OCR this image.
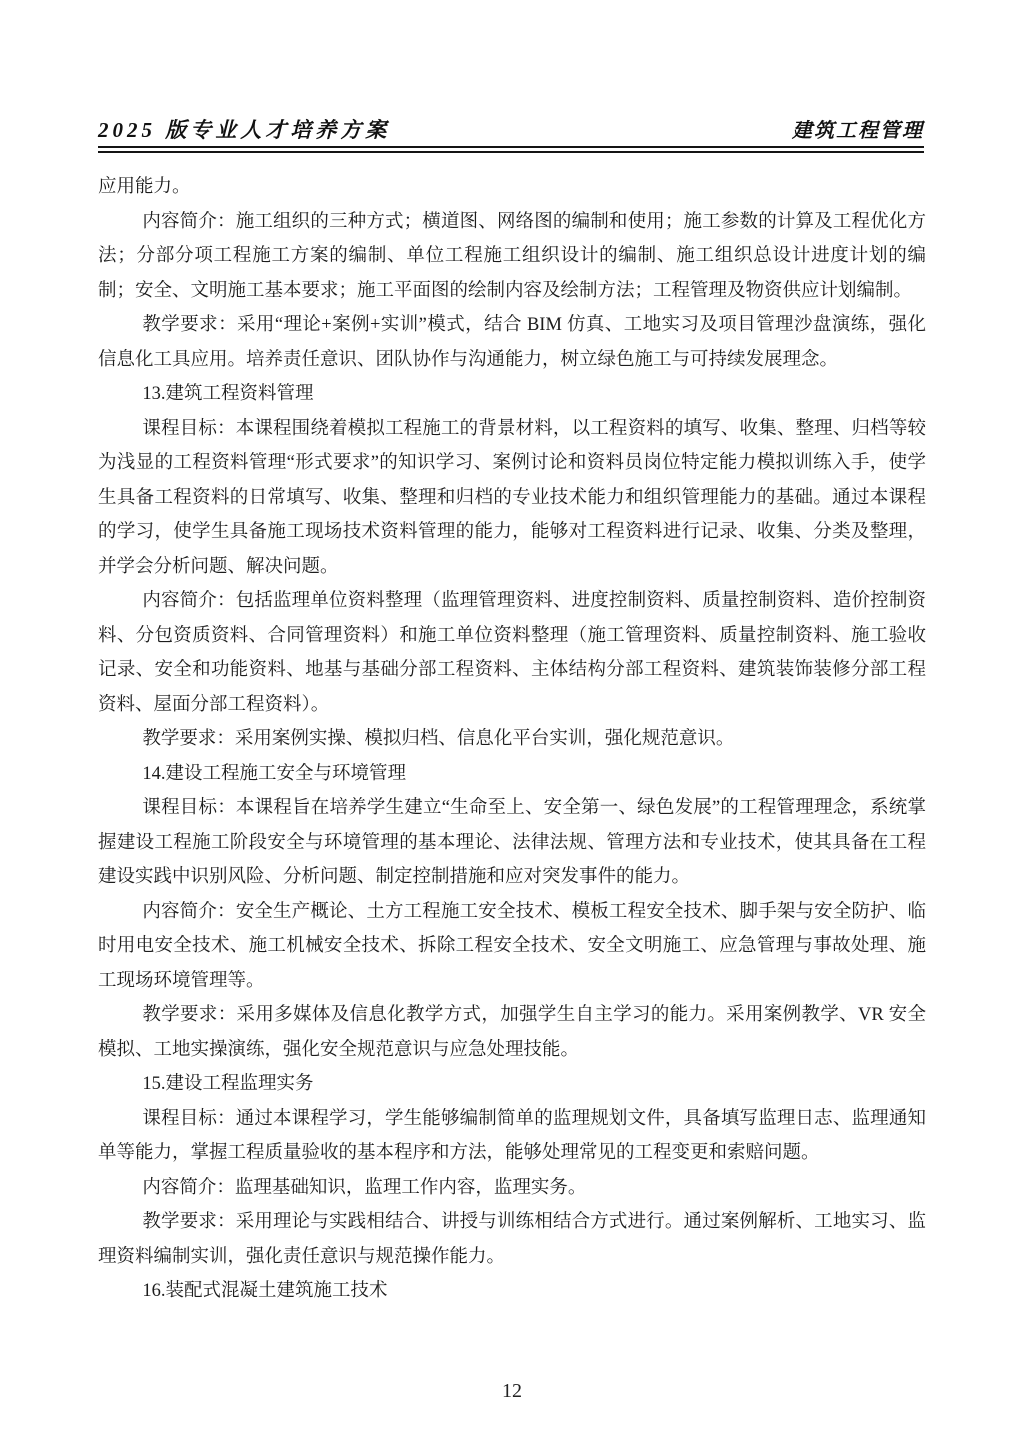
2025 版专业人才培养方案	建筑工程管理

应用能力。

内容简介：施工组织的三种方式；横道图、网络图的编制和使用；施工参数的计算及工程优化方法；分部分项工程施工方案的编制、单位工程施工组织设计的编制、施工组织总设计进度计划的编制；安全、文明施工基本要求；施工平面图的绘制内容及绘制方法；工程管理及物资供应计划编制。

教学要求：采用“理论+案例+实训”模式，结合 BIM 仿真、工地实习及项目管理沙盘演练，强化信息化工具应用。培养责任意识、团队协作与沟通能力，树立绿色施工与可持续发展理念。

13.建筑工程资料管理

课程目标：本课程围绕着模拟工程施工的背景材料，以工程资料的填写、收集、整理、归档等较为浅显的工程资料管理“形式要求”的知识学习、案例讨论和资料员岗位特定能力模拟训练入手，使学生具备工程资料的日常填写、收集、整理和归档的专业技术能力和组织管理能力的基础。通过本课程的学习，使学生具备施工现场技术资料管理的能力，能够对工程资料进行记录、收集、分类及整理，并学会分析问题、解决问题。

内容简介：包括监理单位资料整理（监理管理资料、进度控制资料、质量控制资料、造价控制资料、分包资质资料、合同管理资料）和施工单位资料整理（施工管理资料、质量控制资料、施工验收记录、安全和功能资料、地基与基础分部工程资料、主体结构分部工程资料、建筑装饰装修分部工程资料、屋面分部工程资料）。

教学要求：采用案例实操、模拟归档、信息化平台实训，强化规范意识。

14.建设工程施工安全与环境管理

课程目标：本课程旨在培养学生建立“生命至上、安全第一、绿色发展”的工程管理理念，系统掌握建设工程施工阶段安全与环境管理的基本理论、法律法规、管理方法和专业技术，使其具备在工程建设实践中识别风险、分析问题、制定控制措施和应对突发事件的能力。

内容简介：安全生产概论、土方工程施工安全技术、模板工程安全技术、脚手架与安全防护、临时用电安全技术、施工机械安全技术、拆除工程安全技术、安全文明施工、应急管理与事故处理、施工现场环境管理等。

教学要求：采用多媒体及信息化教学方式，加强学生自主学习的能力。采用案例教学、VR 安全模拟、工地实操演练，强化安全规范意识与应急处理技能。

15.建设工程监理实务

课程目标：通过本课程学习，学生能够编制简单的监理规划文件，具备填写监理日志、监理通知单等能力，掌握工程质量验收的基本程序和方法，能够处理常见的工程变更和索赔问题。

内容简介：监理基础知识，监理工作内容，监理实务。

教学要求：采用理论与实践相结合、讲授与训练相结合方式进行。通过案例解析、工地实习、监理资料编制实训，强化责任意识与规范操作能力。

16.装配式混凝土建筑施工技术

12
